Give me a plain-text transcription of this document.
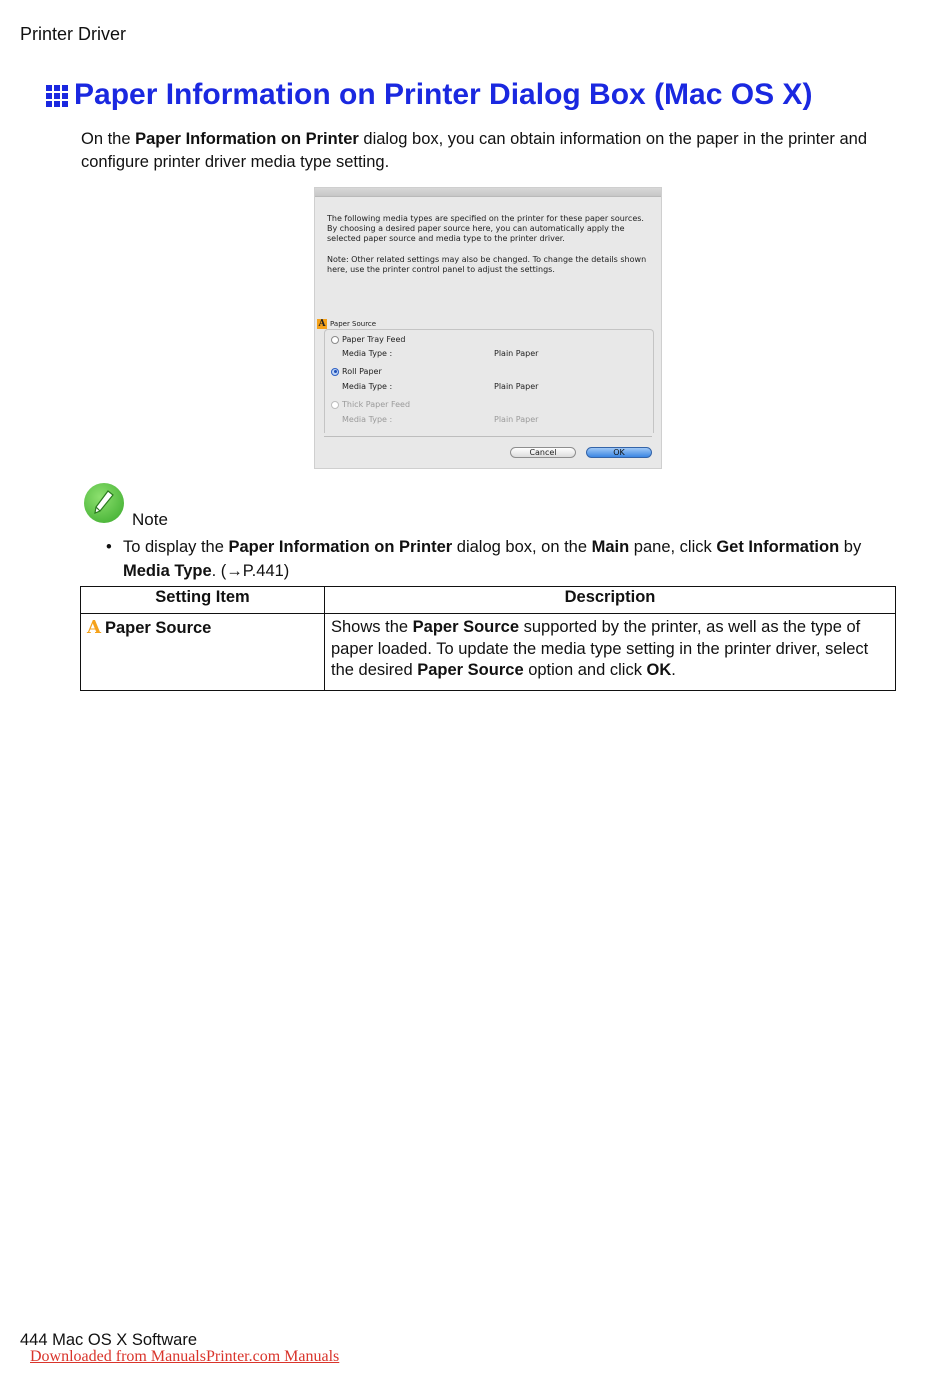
Printer Driver
Paper Information on Printer Dialog Box (Mac OS X)
On the Paper Information on Printer dialog box, you can obtain information on the paper in the printer and configure printer driver media type setting.

The following media types are specified on the printer for these paper sources. By choosing a desired paper source here, you can automatically apply the selected paper source and media type to the printer driver.

Note: Other related settings may also be changed. To change the details shown here, use the printer control panel to adjust the settings.

A Paper Source
Paper Tray Feed
Media Type :	Plain Paper
Roll Paper
Media Type :	Plain Paper
Thick Paper Feed
Media Type :	Plain Paper
Cancel	OK
Note
• To display the Paper Information on Printer dialog box, on the Main pane, click Get Information by Media Type. (→P.441)
Setting Item	Description
A Paper Source	Shows the Paper Source supported by the printer, as well as the type of paper loaded. To update the media type setting in the printer driver, select the desired Paper Source option and click OK.
444 Mac OS X Software
Downloaded from ManualsPrinter.com Manuals
